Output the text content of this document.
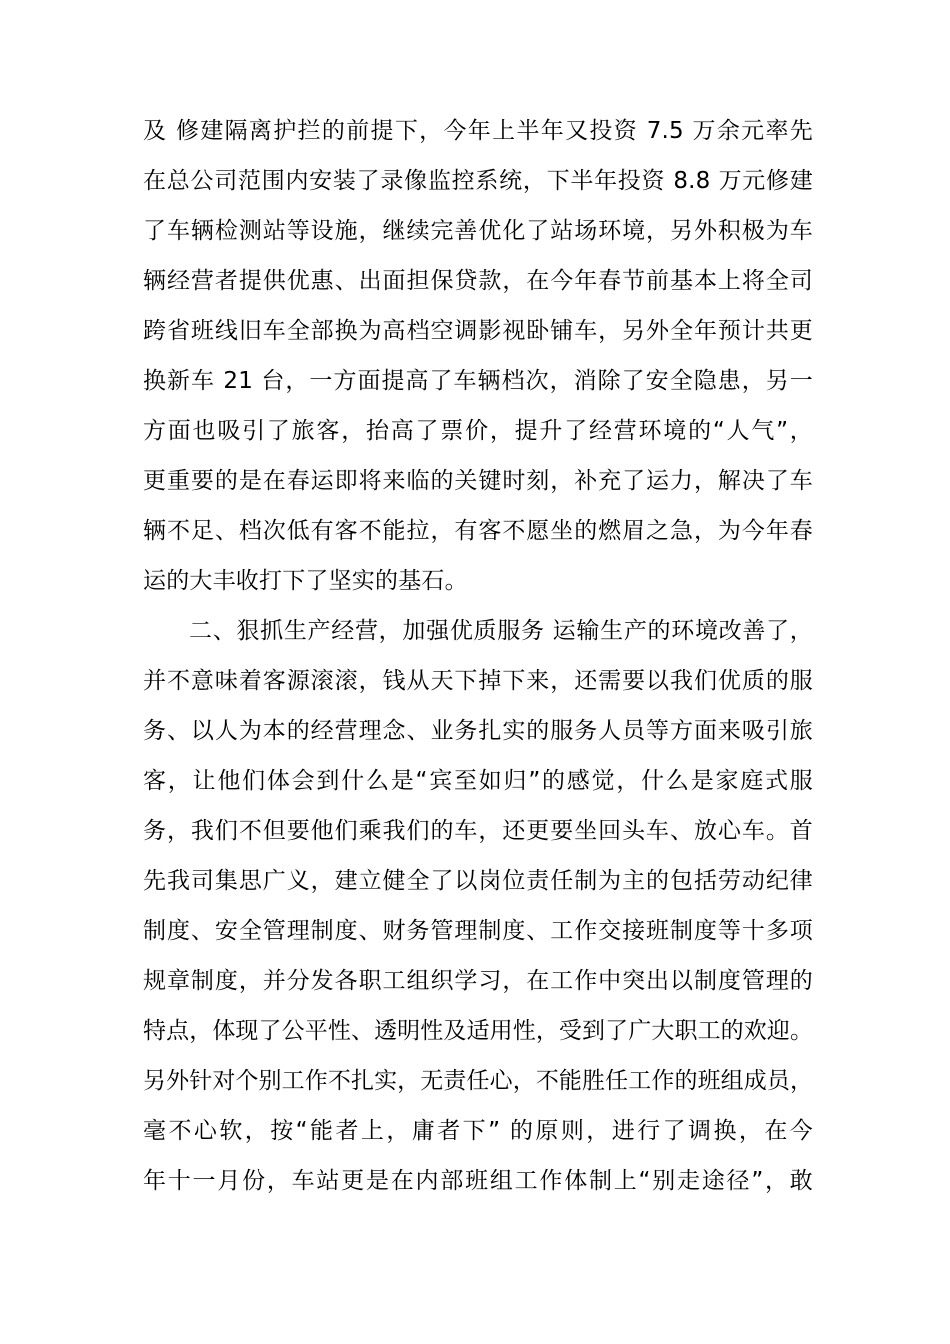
及 修建隔离护拦的前提下，今年上半年又投资 7.5 万余元率先
在总公司范围内安装了录像监控系统，下半年投资 8.8 万元修建
了车辆检测站等设施，继续完善优化了站场环境，另外积极为车
辆经营者提供优惠、出面担保贷款，在今年春节前基本上将全司
跨省班线旧车全部换为高档空调影视卧铺车，另外全年预计共更
换新车 21 台，一方面提高了车辆档次，消除了安全隐患，另一
方面也吸引了旅客，抬高了票价，提升了经营环境的“人气”，
更重要的是在春运即将来临的关键时刻，补充了运力，解决了车
辆不足、档次低有客不能拉，有客不愿坐的燃眉之急，为今年春
运的大丰收打下了坚实的基石。
二、狠抓生产经营，加强优质服务 运输生产的环境改善了，
并不意味着客源滚滚，钱从天下掉下来，还需要以我们优质的服
务、以人为本的经营理念、业务扎实的服务人员等方面来吸引旅
客，让他们体会到什么是“宾至如归”的感觉，什么是家庭式服
务，我们不但要他们乘我们的车，还更要坐回头车、放心车。首
先我司集思广义，建立健全了以岗位责任制为主的包括劳动纪律
制度、安全管理制度、财务管理制度、工作交接班制度等十多项
规章制度，并分发各职工组织学习，在工作中突出以制度管理的
特点，体现了公平性、透明性及适用性，受到了广大职工的欢迎。
另外针对个别工作不扎实，无责任心，不能胜任工作的班组成员，
毫不心软，按“能者上，庸者下” 的原则，进行了调换，在今
年十一月份，车站更是在内部班组工作体制上“别走途径”，敢
